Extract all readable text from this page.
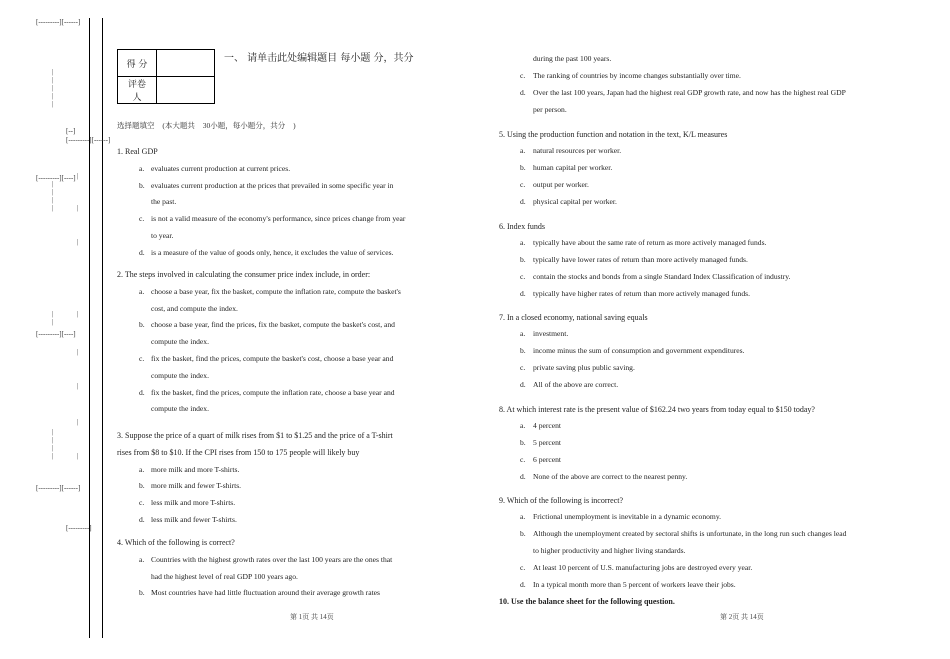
[---------][------]
[--]
[---------][------]
[---------][----]
[---------][----]
[---------][------]
[---------]
|
|
|
|
|
|
|
|
|
|
|
|
|
|
|
|
|
|
|
|
|
|
|
得 分	
评卷人	
一、 请单击此处编辑题目 每小题 分，共分
选择题填空 (本大题共 30小题，每小题分，共分 )
1. Real GDP
a. evaluates current production at current prices.
b. evaluates current production at the prices that prevailed in some specific year in
the past.
c. is not a valid measure of the economy's performance, since prices change from year
to year.
d. is a measure of the value of goods only, hence, it excludes the value of services.
2. The steps involved in calculating the consumer price index include, in order:
a. choose a base year, fix the basket, compute the inflation rate, compute the basket's
cost, and compute the index.
b. choose a base year, find the prices, fix the basket, compute the basket's cost, and
compute the index.
c. fix the basket, find the prices, compute the basket's cost, choose a base year and
compute the index.
d. fix the basket, find the prices, compute the inflation rate, choose a base year and
compute the index.
3. Suppose the price of a quart of milk rises from $1 to $1.25 and the price of a T-shirt
rises from $8 to $10. If the CPI rises from 150 to 175 people will likely buy
a. more milk and more T-shirts.
b. more milk and fewer T-shirts.
c. less milk and more T-shirts.
d. less milk and fewer T-shirts.
4. Which of the following is correct?
a. Countries with the highest growth rates over the last 100 years are the ones that
had the highest level of real GDP 100 years ago.
b. Most countries have had little fluctuation around their average growth rates
during the past 100 years.
c. The ranking of countries by income changes substantially over time.
d. Over the last 100 years, Japan had the highest real GDP growth rate, and now has the highest real GDP
per person.
5. Using the production function and notation in the text, K/L measures
a. natural resources per worker.
b. human capital per worker.
c. output per worker.
d. physical capital per worker.
6. Index funds
a. typically have about the same rate of return as more actively managed funds.
b. typically have lower rates of return than more actively managed funds.
c. contain the stocks and bonds from a single Standard Index Classification of industry.
d. typically have higher rates of return than more actively managed funds.
7. In a closed economy, national saving equals
a. investment.
b. income minus the sum of consumption and government expenditures.
c. private saving plus public saving.
d. All of the above are correct.
8. At which interest rate is the present value of $162.24 two years from today equal to $150 today?
a. 4 percent
b. 5 percent
c. 6 percent
d. None of the above are correct to the nearest penny.
9. Which of the following is incorrect?
a. Frictional unemployment is inevitable in a dynamic economy.
b. Although the unemployment created by sectoral shifts is unfortunate, in the long run such changes lead
to higher productivity and higher living standards.
c. At least 10 percent of U.S. manufacturing jobs are destroyed every year.
d. In a typical month more than 5 percent of workers leave their jobs.
10. Use the balance sheet for the following question.
第 1页 共 14页	第 2页 共 14页
